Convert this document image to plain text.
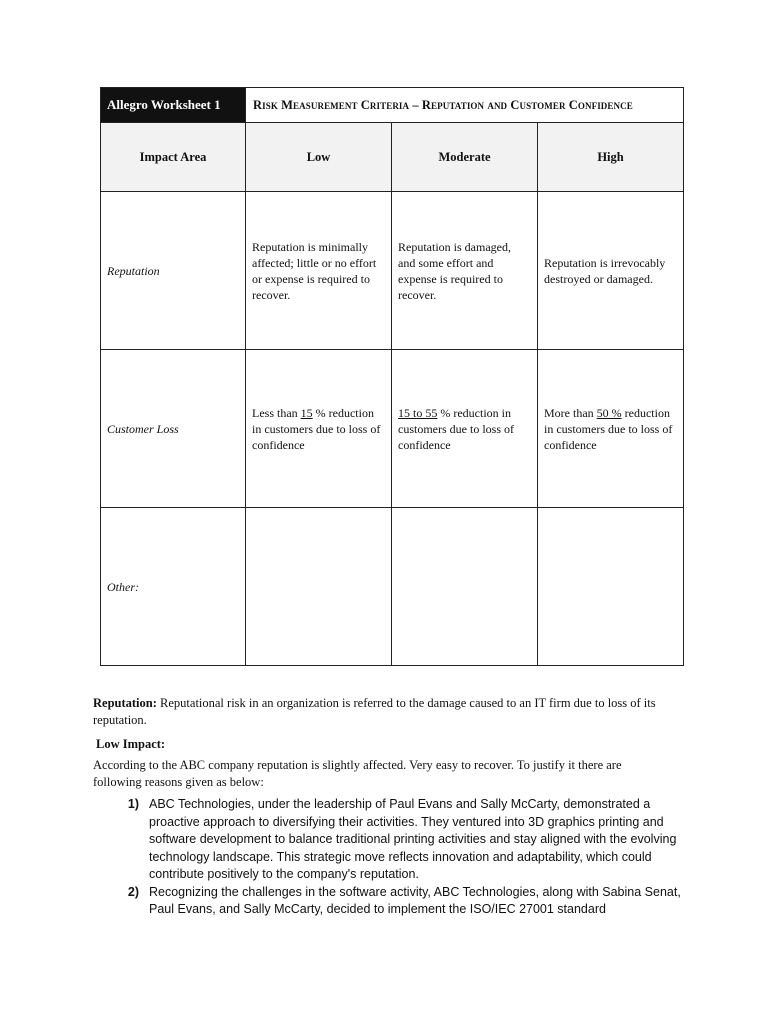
Allegro Worksheet 1	Risk Measurement Criteria – Reputation and Customer Confidence		
Impact Area	Low	Moderate	High
Reputation	Reputation is minimally affected; little or no effort or expense is required to recover.	Reputation is damaged, and some effort and expense is required to recover.	Reputation is irrevocably destroyed or damaged.
Customer Loss	Less than 15 % reduction in customers due to loss of confidence	15 to 55 % reduction in customers due to loss of confidence	More than 50 % reduction in customers due to loss of confidence
Other:			
Reputation: Reputational risk in an organization is referred to the damage caused to an IT firm due to loss of its reputation.
Low Impact:
According to the ABC company reputation is slightly affected. Very easy to recover. To justify it there are following reasons given as below:
1) ABC Technologies, under the leadership of Paul Evans and Sally McCarty, demonstrated a proactive approach to diversifying their activities. They ventured into 3D graphics printing and software development to balance traditional printing activities and stay aligned with the evolving technology landscape. This strategic move reflects innovation and adaptability, which could contribute positively to the company's reputation.
2) Recognizing the challenges in the software activity, ABC Technologies, along with Sabina Senat, Paul Evans, and Sally McCarty, decided to implement the ISO/IEC 27001 standard
